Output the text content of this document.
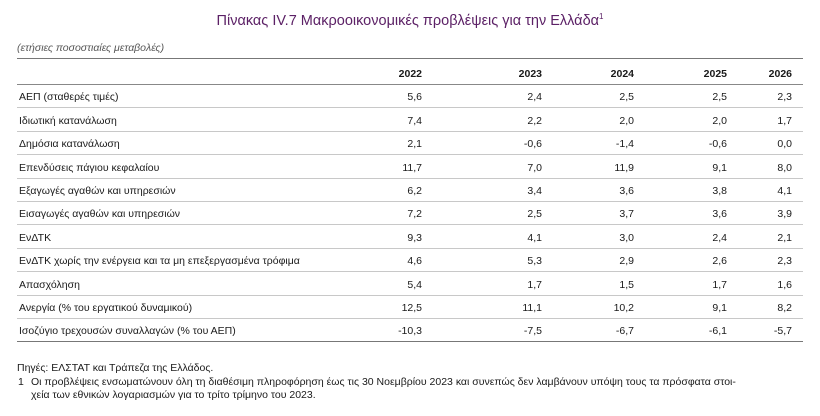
Πίνακας IV.7 Μακροοικονομικές προβλέψεις για την Ελλάδα$^1$
(ετήσιες ποσοστιαίες μεταβολές)
2022	2023	2024	2025	2026
ΑΕΠ (σταθερές τιμές)	5,6	2,4	2,5	2,5	2,3
Ιδιωτική κατανάλωση	7,4	2,2	2,0	2,0	1,7
Δημόσια κατανάλωση	2,1	-0,6	-1,4	-0,6	0,0
Επενδύσεις πάγιου κεφαλαίου	11,7	7,0	11,9	9,1	8,0
Εξαγωγές αγαθών και υπηρεσιών	6,2	3,4	3,6	3,8	4,1
Εισαγωγές αγαθών και υπηρεσιών	7,2	2,5	3,7	3,6	3,9
ΕνΔΤΚ	9,3	4,1	3,0	2,4	2,1
ΕνΔΤΚ χωρίς την ενέργεια και τα μη επεξεργασμένα τρόφιμα	4,6	5,3	2,9	2,6	2,3
Απασχόληση	5,4	1,7	1,5	1,7	1,6
Ανεργία (% του εργατικού δυναμικού)	12,5	11,1	10,2	9,1	8,2
Ισοζύγιο τρεχουσών συναλλαγών (% του ΑΕΠ)	-10,3	-7,5	-6,7	-6,1	-5,7
Πηγές: ΕΛΣΤΑΤ και Τράπεζα της Ελλάδος.
1 Οι προβλέψεις ενσωματώνουν όλη τη διαθέσιμη πληροφόρηση έως τις 30 Νοεμβρίου 2023 και συνεπώς δεν λαμβάνουν υπόψη τους τα πρόσφατα στοι-
χεία των εθνικών λογαριασμών για το τρίτο τρίμηνο του 2023.
